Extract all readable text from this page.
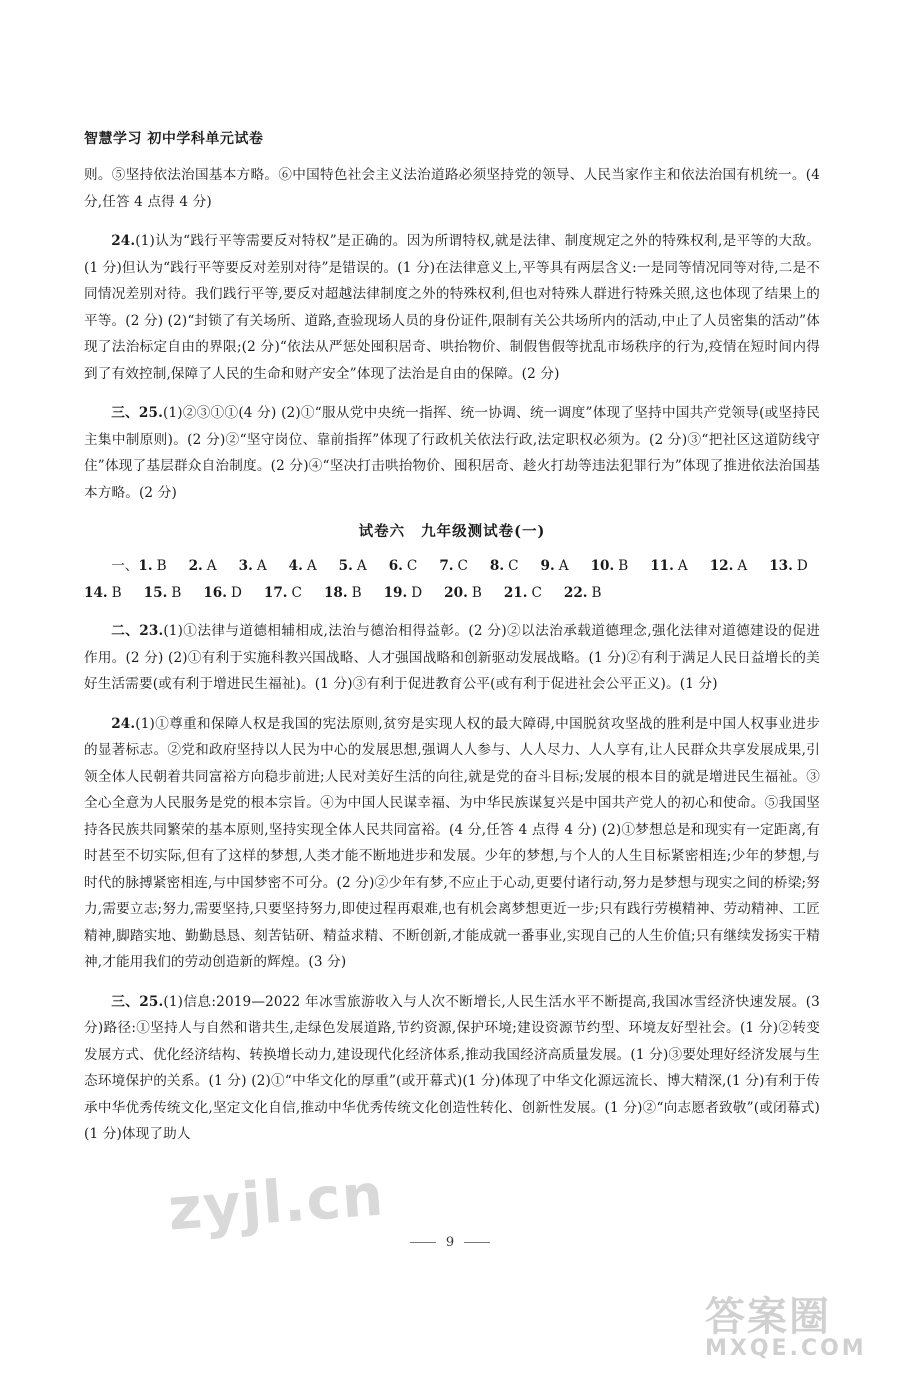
智慧学习 初中学科单元试卷

则。⑤坚持依法治国基本方略。⑥中国特色社会主义法治道路必须坚持党的领导、人民当家作主和依法治国有机统一。(4 分,任答 4 点得 4 分)

24.(1)认为“践行平等需要反对特权”是正确的。因为所谓特权,就是法律、制度规定之外的特殊权利,是平等的大敌。(1 分)但认为“践行平等要反对差别对待”是错误的。(1 分)在法律意义上,平等具有两层含义:一是同等情况同等对待,二是不同情况差别对待。我们践行平等,要反对超越法律制度之外的特殊权利,但也对特殊人群进行特殊关照,这也体现了结果上的平等。(2 分) (2)“封锁了有关场所、道路,查验现场人员的身份证件,限制有关公共场所内的活动,中止了人员密集的活动”体现了法治标定自由的界限;(2 分)“依法从严惩处囤积居奇、哄抬物价、制假售假等扰乱市场秩序的行为,疫情在短时间内得到了有效控制,保障了人民的生命和财产安全”体现了法治是自由的保障。(2 分)

三、25.(1)②③①①(4 分) (2)①“服从党中央统一指挥、统一协调、统一调度”体现了坚持中国共产党领导(或坚持民主集中制原则)。(2 分)②“坚守岗位、靠前指挥”体现了行政机关依法行政,法定职权必须为。(2 分)③“把社区这道防线守住”体现了基层群众自治制度。(2 分)④“坚决打击哄抬物价、囤积居奇、趁火打劫等违法犯罪行为”体现了推进依法治国基本方略。(2 分)

试卷六 九年级测试卷(一)
一、 1. B 2. A 3. A 4. A 5. A 6. C 7. C 8. C 9. A 10. B 11. A 12. A 13. D
14. B 15. B 16. D 17. C 18. B 19. D 20. B 21. C 22. B

二、23.(1)①法律与道德相辅相成,法治与德治相得益彰。(2 分)②以法治承载道德理念,强化法律对道德建设的促进作用。(2 分) (2)①有利于实施科教兴国战略、人才强国战略和创新驱动发展战略。(1 分)②有利于满足人民日益增长的美好生活需要(或有利于增进民生福祉)。(1 分)③有利于促进教育公平(或有利于促进社会公平正义)。(1 分)

24.(1)①尊重和保障人权是我国的宪法原则,贫穷是实现人权的最大障碍,中国脱贫攻坚战的胜利是中国人权事业进步的显著标志。②党和政府坚持以人民为中心的发展思想,强调人人参与、人人尽力、人人享有,让人民群众共享发展成果,引领全体人民朝着共同富裕方向稳步前进;人民对美好生活的向往,就是党的奋斗目标;发展的根本目的就是增进民生福祉。③全心全意为人民服务是党的根本宗旨。④为中国人民谋幸福、为中华民族谋复兴是中国共产党人的初心和使命。⑤我国坚持各民族共同繁荣的基本原则,坚持实现全体人民共同富裕。(4 分,任答 4 点得 4 分) (2)①梦想总是和现实有一定距离,有时甚至不切实际,但有了这样的梦想,人类才能不断地进步和发展。少年的梦想,与个人的人生目标紧密相连;少年的梦想,与时代的脉搏紧密相连,与中国梦密不可分。(2 分)②少年有梦,不应止于心动,更要付诸行动,努力是梦想与现实之间的桥梁;努力,需要立志;努力,需要坚持,只要坚持努力,即使过程再艰难,也有机会离梦想更近一步;只有践行劳模精神、劳动精神、工匠精神,脚踏实地、勤勤恳恳、刻苦钻研、精益求精、不断创新,才能成就一番事业,实现自己的人生价值;只有继续发扬实干精神,才能用我们的劳动创造新的辉煌。(3 分)

三、25.(1)信息:2019—2022 年冰雪旅游收入与人次不断增长,人民生活水平不断提高,我国冰雪经济快速发展。(3 分)路径:①坚持人与自然和谐共生,走绿色发展道路,节约资源,保护环境;建设资源节约型、环境友好型社会。(1 分)②转变发展方式、优化经济结构、转换增长动力,建设现代化经济体系,推动我国经济高质量发展。(1 分)③要处理好经济发展与生态环境保护的关系。(1 分) (2)①“中华文化的厚重”(或开幕式)(1 分)体现了中华文化源远流长、博大精深,(1 分)有利于传承中华优秀传统文化,坚定文化自信,推动中华优秀传统文化创造性转化、创新性发展。(1 分)②“向志愿者致敬”(或闭幕式)(1 分)体现了助人

9
zyjl.cn
答案圈
MXQE.COM
